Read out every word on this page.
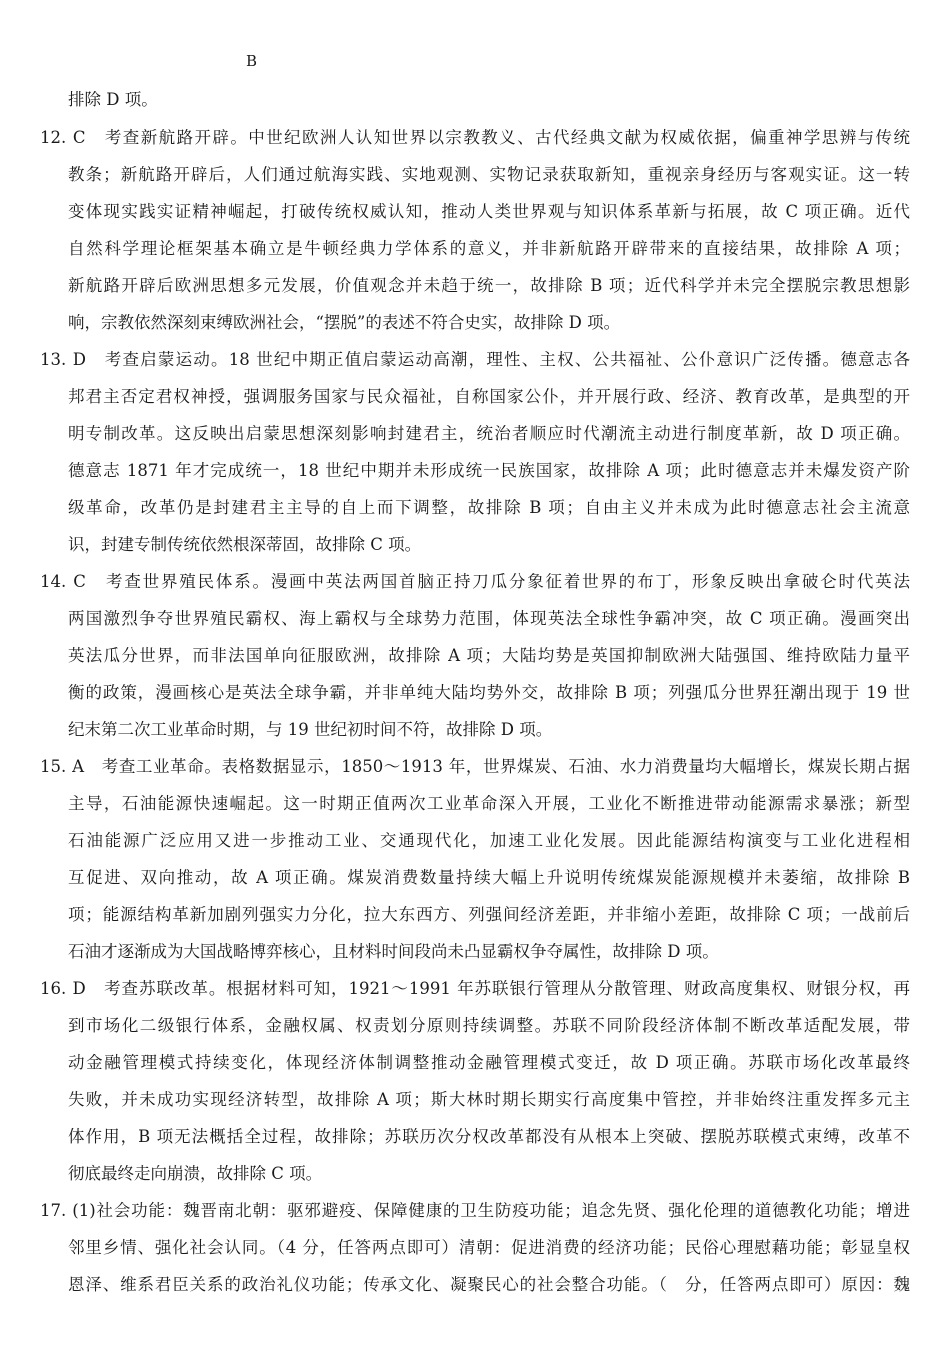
B
排除 D 项。
12. C　考查新航路开辟。中世纪欧洲人认知世界以宗教教义、古代经典文献为权威依据，偏重神学思辨与传统
教条；新航路开辟后，人们通过航海实践、实地观测、实物记录获取新知，重视亲身经历与客观实证。这一转
变体现实践实证精神崛起，打破传统权威认知，推动人类世界观与知识体系革新与拓展，故 C 项正确。近代
自然科学理论框架基本确立是牛顿经典力学体系的意义，并非新航路开辟带来的直接结果，故排除 A 项；
新航路开辟后欧洲思想多元发展，价值观念并未趋于统一，故排除 B 项；近代科学并未完全摆脱宗教思想影
响，宗教依然深刻束缚欧洲社会，“摆脱”的表述不符合史实，故排除 D 项。
13. D　考查启蒙运动。18 世纪中期正值启蒙运动高潮，理性、主权、公共福祉、公仆意识广泛传播。德意志各
邦君主否定君权神授，强调服务国家与民众福祉，自称国家公仆，并开展行政、经济、教育改革，是典型的开
明专制改革。这反映出启蒙思想深刻影响封建君主，统治者顺应时代潮流主动进行制度革新，故 D 项正确。
德意志 1871 年才完成统一，18 世纪中期并未形成统一民族国家，故排除 A 项；此时德意志并未爆发资产阶
级革命，改革仍是封建君主主导的自上而下调整，故排除 B 项；自由主义并未成为此时德意志社会主流意
识，封建专制传统依然根深蒂固，故排除 C 项。
14. C　考查世界殖民体系。漫画中英法两国首脑正持刀瓜分象征着世界的布丁，形象反映出拿破仑时代英法
两国激烈争夺世界殖民霸权、海上霸权与全球势力范围，体现英法全球性争霸冲突，故 C 项正确。漫画突出
英法瓜分世界，而非法国单向征服欧洲，故排除 A 项；大陆均势是英国抑制欧洲大陆强国、维持欧陆力量平
衡的政策，漫画核心是英法全球争霸，并非单纯大陆均势外交，故排除 B 项；列强瓜分世界狂潮出现于 19 世
纪末第二次工业革命时期，与 19 世纪初时间不符，故排除 D 项。
15. A　考查工业革命。表格数据显示，1850～1913 年，世界煤炭、石油、水力消费量均大幅增长，煤炭长期占据
主导，石油能源快速崛起。这一时期正值两次工业革命深入开展，工业化不断推进带动能源需求暴涨；新型
石油能源广泛应用又进一步推动工业、交通现代化，加速工业化发展。因此能源结构演变与工业化进程相
互促进、双向推动，故 A 项正确。煤炭消费数量持续大幅上升说明传统煤炭能源规模并未萎缩，故排除 B
项；能源结构革新加剧列强实力分化，拉大东西方、列强间经济差距，并非缩小差距，故排除 C 项；一战前后
石油才逐渐成为大国战略博弈核心，且材料时间段尚未凸显霸权争夺属性，故排除 D 项。
16. D　考查苏联改革。根据材料可知，1921～1991 年苏联银行管理从分散管理、财政高度集权、财银分权，再
到市场化二级银行体系，金融权属、权责划分原则持续调整。苏联不同阶段经济体制不断改革适配发展，带
动金融管理模式持续变化，体现经济体制调整推动金融管理模式变迁，故 D 项正确。苏联市场化改革最终
失败，并未成功实现经济转型，故排除 A 项；斯大林时期长期实行高度集中管控，并非始终注重发挥多元主
体作用，B 项无法概括全过程，故排除；苏联历次分权改革都没有从根本上突破、摆脱苏联模式束缚，改革不
彻底最终走向崩溃，故排除 C 项。
17. (1)社会功能：魏晋南北朝：驱邪避疫、保障健康的卫生防疫功能；追念先贤、强化伦理的道德教化功能；增进
邻里乡情、强化社会认同。（4 分，任答两点即可）清朝：促进消费的经济功能；民俗心理慰藉功能；彰显皇权
恩泽、维系君臣关系的政治礼仪功能；传承文化、凝聚民心的社会整合功能。（　分，任答两点即可）原因：魏
